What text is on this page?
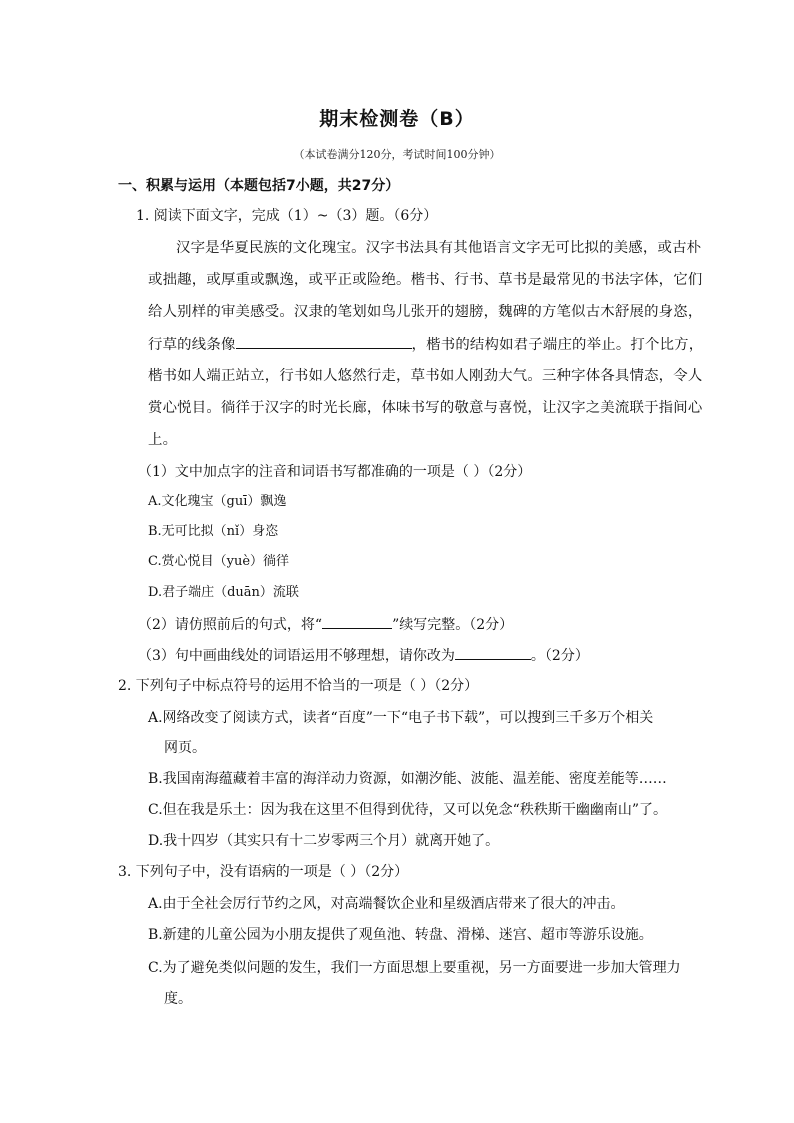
期末检测卷（B）
（本试卷满分120分，考试时间100分钟）
一、积累与运用（本题包括7小题，共27分）
1. 阅读下面文字，完成（1）~（3）题。（6分）
汉字是华夏民族的文化瑰宝。汉字书法具有其他语言文字无可比拟的美感，或古朴
或拙趣，或厚重或飘逸，或平正或险绝。楷书、行书、草书是最常见的书法字体，它们
给人别样的审美感受。汉隶的笔划如鸟儿张开的翅膀，魏碑的方笔似古木舒展的身恣，
行草的线条像	，楷书的结构如君子端庄的举止。打个比方，
楷书如人端正站立，行书如人悠然行走，草书如人刚劲大气。三种字体各具情态，令人
赏心悦目。徜徉于汉字的时光长廊，体味书写的敬意与喜悦，让汉字之美流联于指间心
上。
（1）文中加点字的注音和词语书写都准确的一项是（ ）（2分）
A.文化瑰宝（guī）飘逸
B.无可比拟（nǐ）身恣
C.赏心悦目（yuè）徜徉
D.君子端庄（duān）流联
（2）请仿照前后的句式，将“	”续写完整。（2分）
（3）句中画曲线处的词语运用不够理想，请你改为	。（2分）
2. 下列句子中标点符号的运用不恰当的一项是（ ）（2分）
A.网络改变了阅读方式，读者“百度”一下“电子书下载”，可以搜到三千多万个相关
网页。
B.我国南海蕴藏着丰富的海洋动力资源，如潮汐能、波能、温差能、密度差能等……
C.但在我是乐土：因为我在这里不但得到优待，又可以免念“秩秩斯干幽幽南山”了。
D.我十四岁（其实只有十二岁零两三个月）就离开她了。
3. 下列句子中，没有语病的一项是（ ）（2分）
A.由于全社会厉行节约之风，对高端餐饮企业和星级酒店带来了很大的冲击。
B.新建的儿童公园为小朋友提供了观鱼池、转盘、滑梯、迷宫、超市等游乐设施。
C.为了避免类似问题的发生，我们一方面思想上要重视，另一方面要进一步加大管理力
度。
